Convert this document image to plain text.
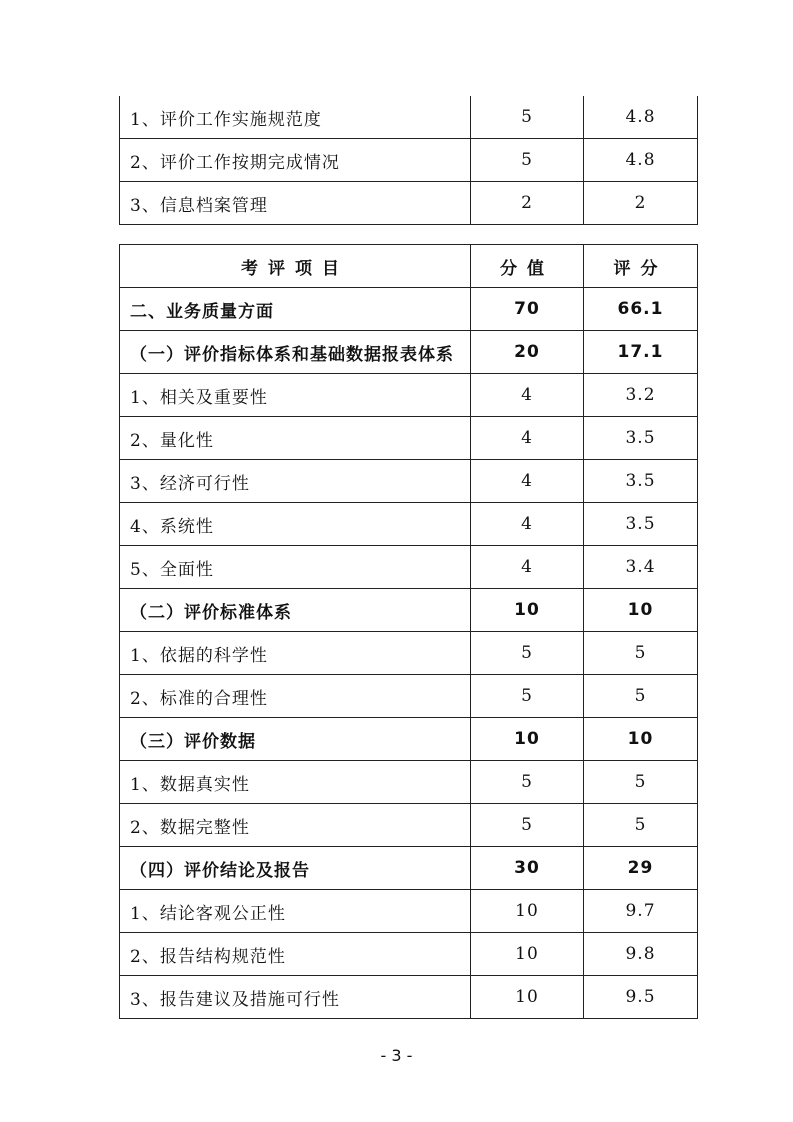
1、评价工作实施规范度	5	4.8
2、评价工作按期完成情况	5	4.8
3、信息档案管理	2	2
考评项目	分值	评分
二、业务质量方面	70	66.1
（一）评价指标体系和基础数据报表体系	20	17.1
1、相关及重要性	4	3.2
2、量化性	4	3.5
3、经济可行性	4	3.5
4、系统性	4	3.5
5、全面性	4	3.4
（二）评价标准体系	10	10
1、依据的科学性	5	5
2、标准的合理性	5	5
（三）评价数据	10	10
1、数据真实性	5	5
2、数据完整性	5	5
（四）评价结论及报告	30	29
1、结论客观公正性	10	9.7
2、报告结构规范性	10	9.8
3、报告建议及措施可行性	10	9.5
- 3 -
